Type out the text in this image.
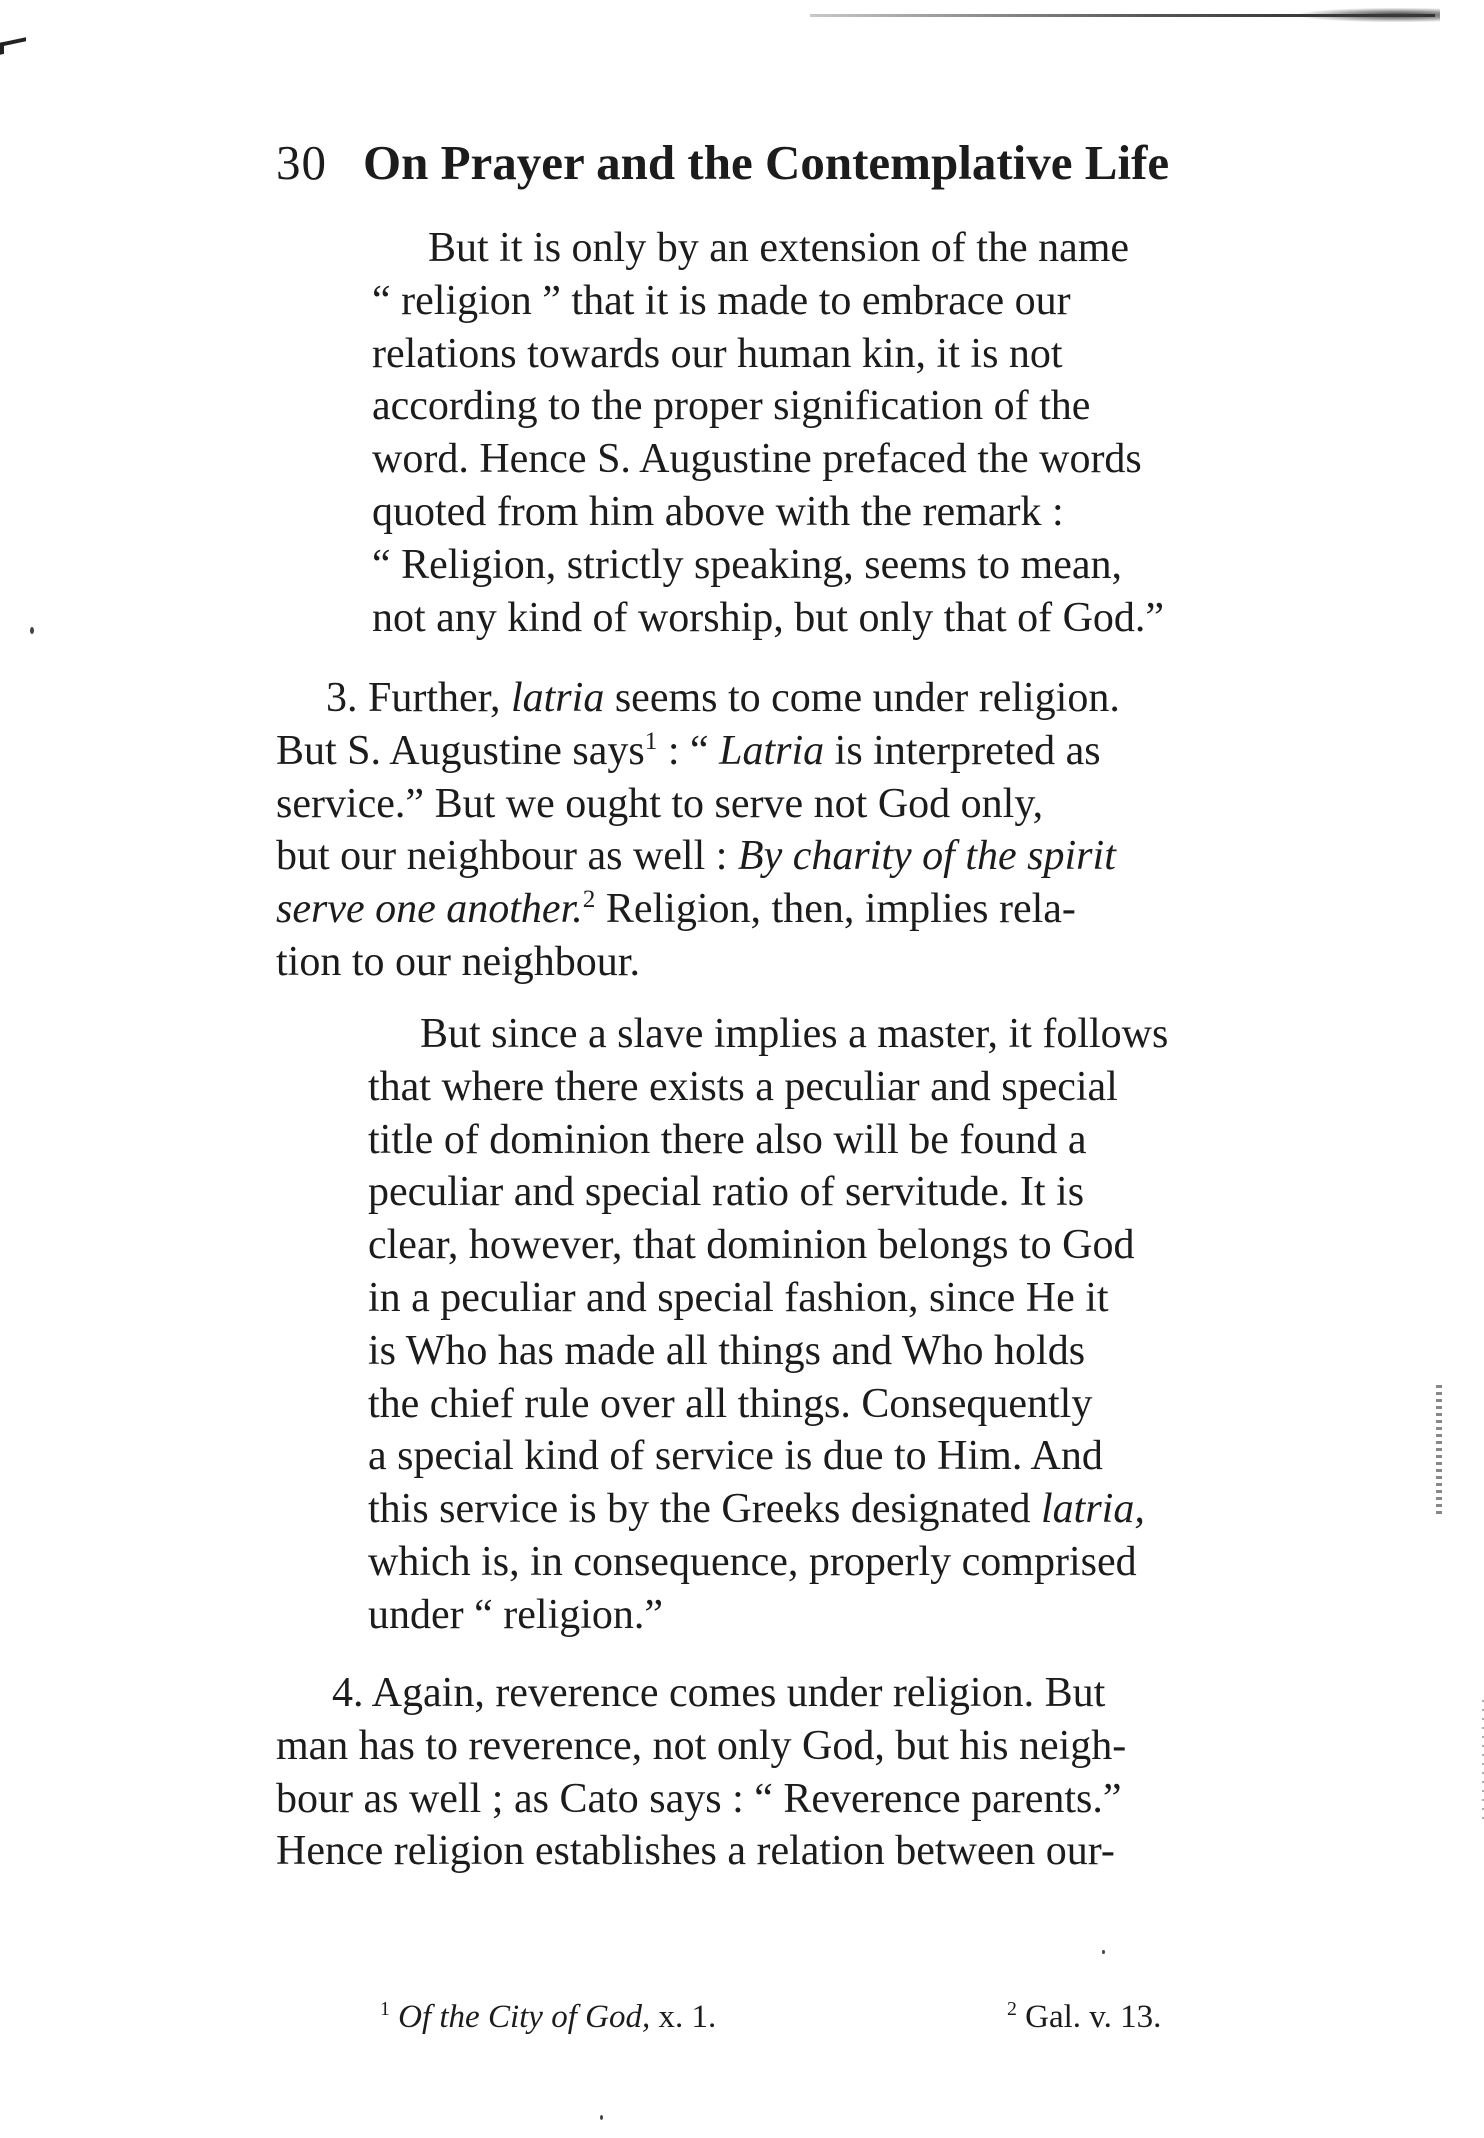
30 On Prayer and the Contemplative Life
But it is only by an extension of the name
“ religion ” that it is made to embrace our
relations towards our human kin, it is not
according to the proper signification of the
word. Hence S. Augustine prefaced the words
quoted from him above with the remark :
“ Religion, strictly speaking, seems to mean,
not any kind of worship, but only that of God.”
3. Further, latria seems to come under religion.
But S. Augustine says$^1$ : “ Latria is interpreted as
service.” But we ought to serve not God only,
but our neighbour as well : By charity of the spirit
serve one another.$^2$ Religion, then, implies rela-
tion to our neighbour.
But since a slave implies a master, it follows
that where there exists a peculiar and special
title of dominion there also will be found a
peculiar and special ratio of servitude. It is
clear, however, that dominion belongs to God
in a peculiar and special fashion, since He it
is Who has made all things and Who holds
the chief rule over all things. Consequently
a special kind of service is due to Him. And
this service is by the Greeks designated latria,
which is, in consequence, properly comprised
under “ religion.”
4. Again, reverence comes under religion. But
man has to reverence, not only God, but his neigh-
bour as well ; as Cato says : “ Reverence parents.”
Hence religion establishes a relation between our-
$^1$ Of the City of God, x. 1.	$^2$ Gal. v. 13.
